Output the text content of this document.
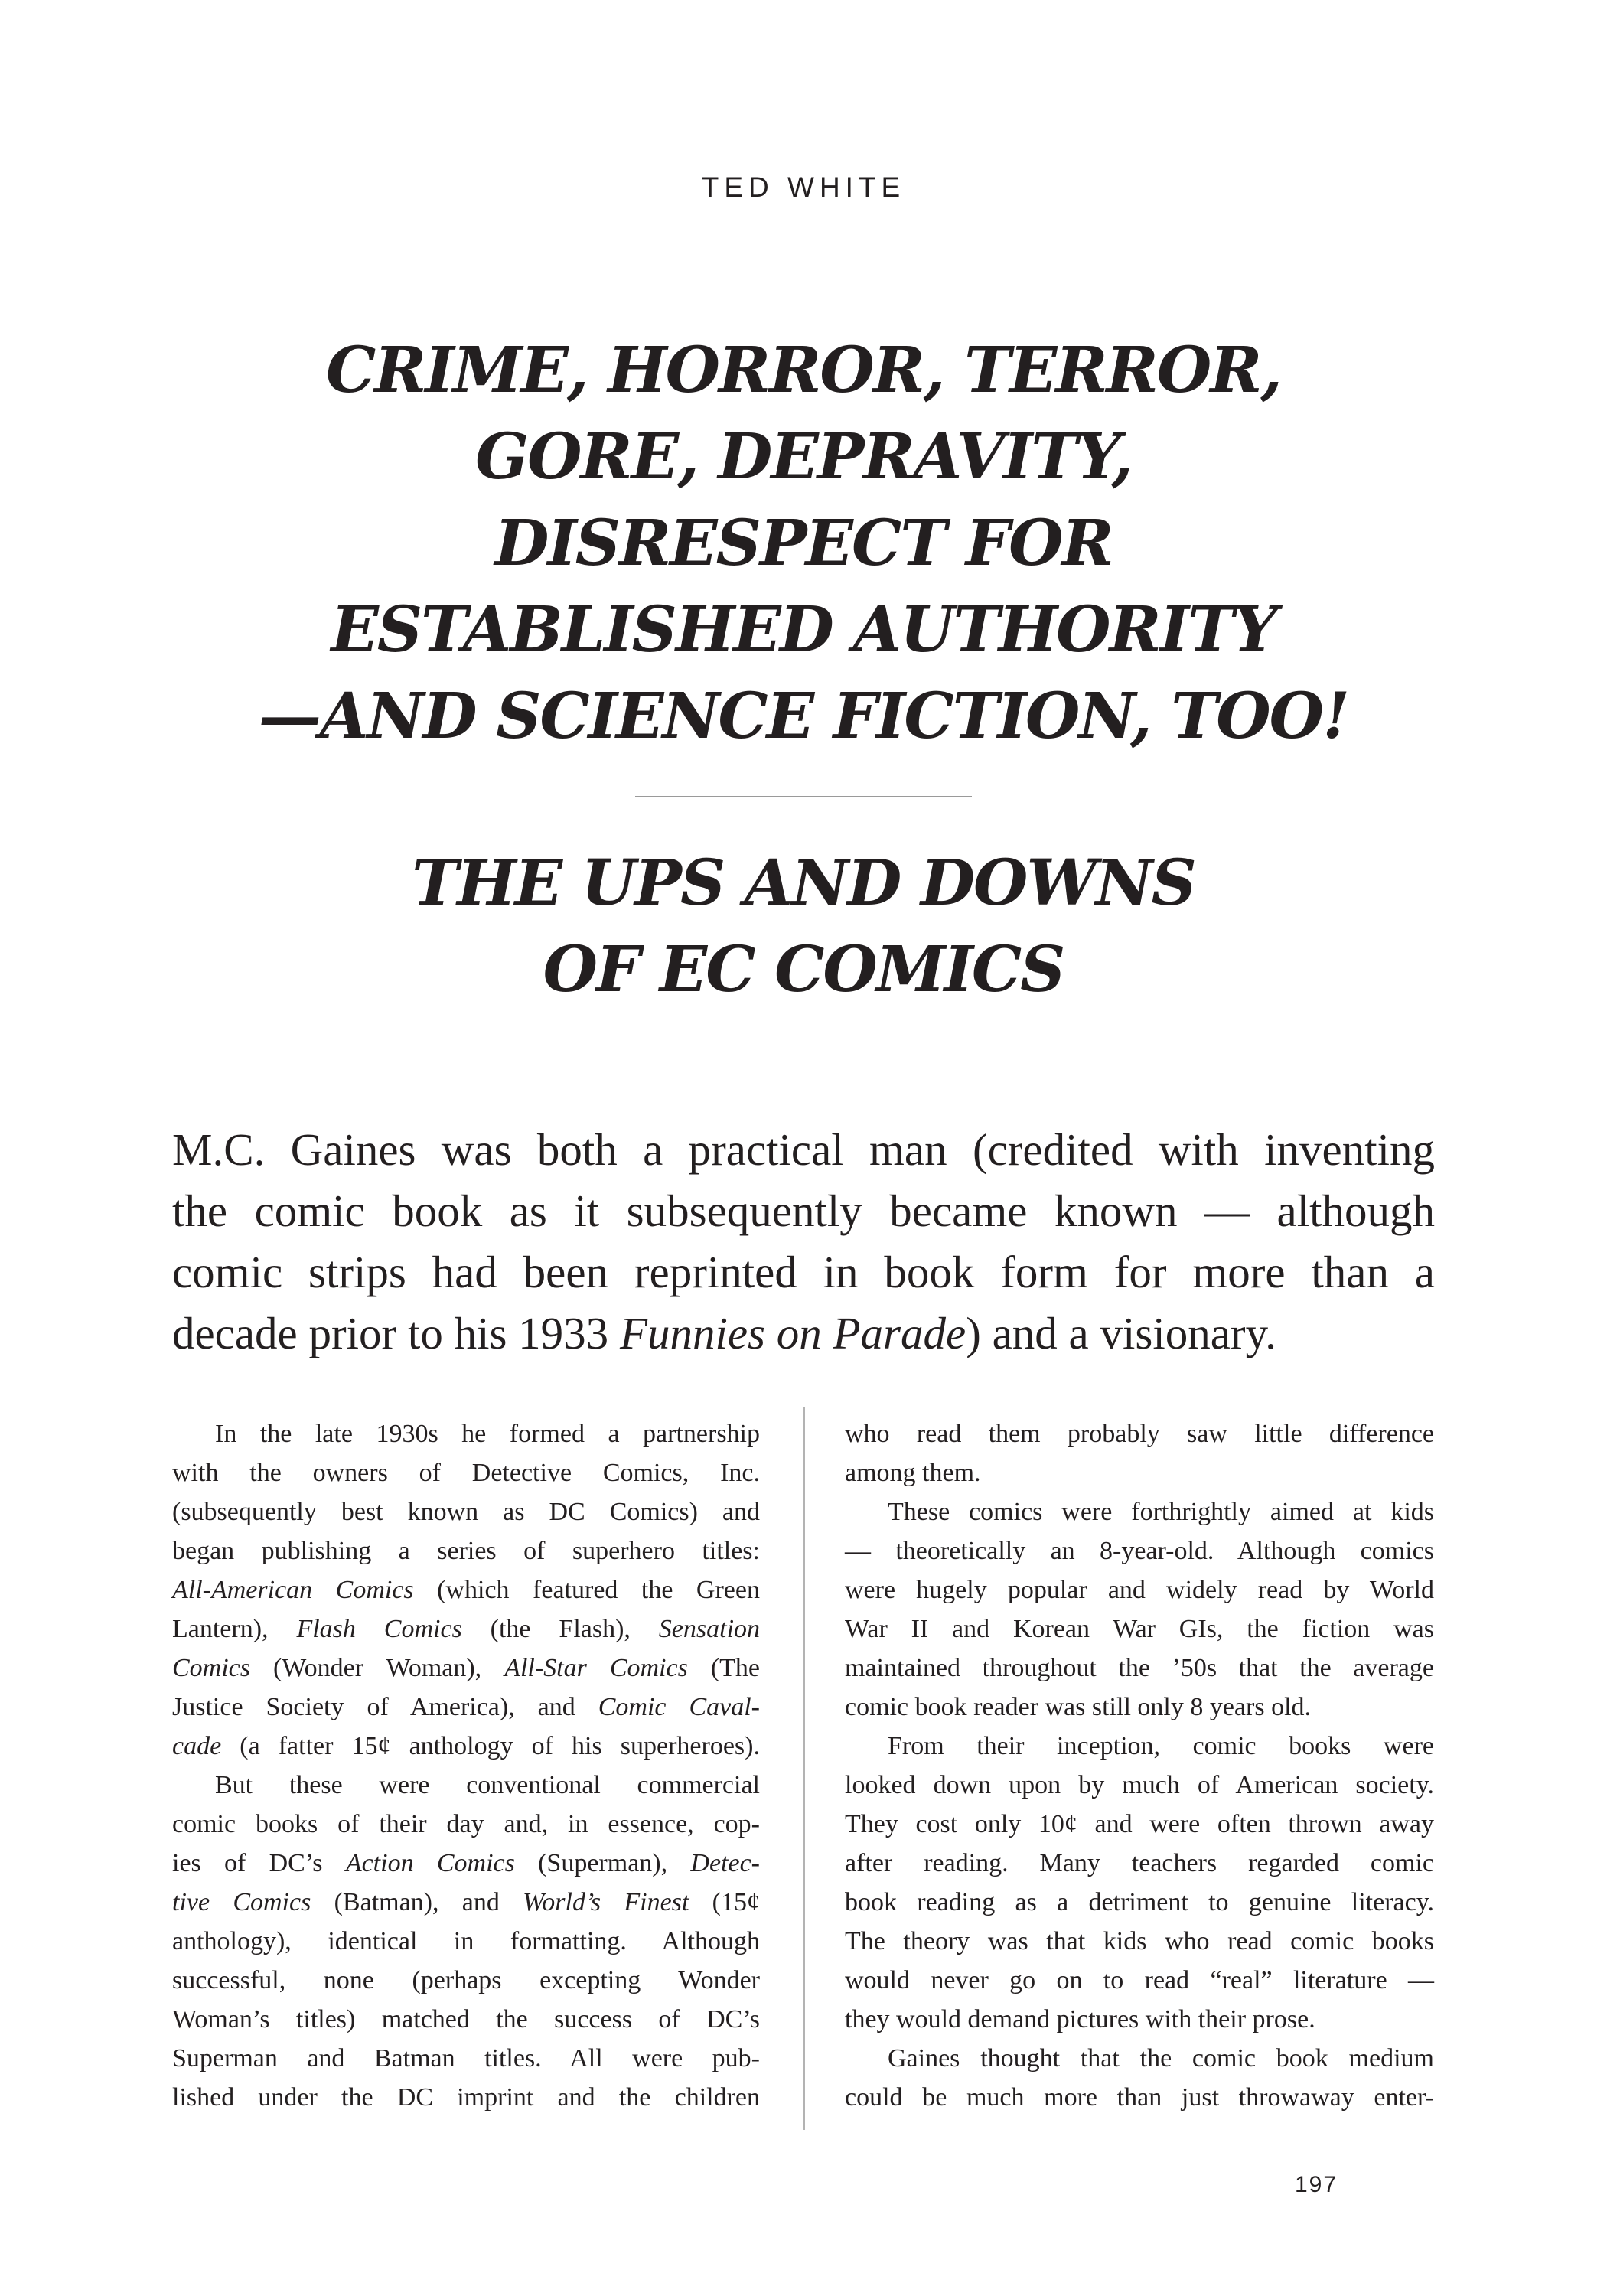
TED WHITE

CRIME, HORROR, TERROR,
GORE, DEPRAVITY,
DISRESPECT FOR
ESTABLISHED AUTHORITY
—AND SCIENCE FICTION, TOO!
THE UPS AND DOWNS
OF EC COMICS
M.C. Gaines was both a practical man (credited with inventing
the comic book as it subsequently became known — although
comic strips had been reprinted in book form for more than a
decade prior to his 1933 Funnies on Parade) and a visionary.
In the late 1930s he formed a partnership
with the owners of Detective Comics, Inc.
(subsequently best known as DC Comics) and
began publishing a series of superhero titles:
All-American Comics (which featured the Green
Lantern), Flash Comics (the Flash), Sensation
Comics (Wonder Woman), All-Star Comics (The
Justice Society of America), and Comic Caval-
cade (a fatter 15¢ anthology of his superheroes).
But these were conventional commercial
comic books of their day and, in essence, cop-
ies of DC’s Action Comics (Superman), Detec-
tive Comics (Batman), and World’s Finest (15¢
anthology), identical in formatting. Although
successful, none (perhaps excepting Wonder
Woman’s titles) matched the success of DC’s
Superman and Batman titles. All were pub-
lished under the DC imprint and the children
who read them probably saw little difference
among them.
These comics were forthrightly aimed at kids
— theoretically an 8-year-old. Although comics
were hugely popular and widely read by World
War II and Korean War GIs, the fiction was
maintained throughout the ’50s that the average
comic book reader was still only 8 years old.
From their inception, comic books were
looked down upon by much of American society.
They cost only 10¢ and were often thrown away
after reading. Many teachers regarded comic
book reading as a detriment to genuine literacy.
The theory was that kids who read comic books
would never go on to read “real” literature —
they would demand pictures with their prose.
Gaines thought that the comic book medium
could be much more than just throwaway enter-

197
